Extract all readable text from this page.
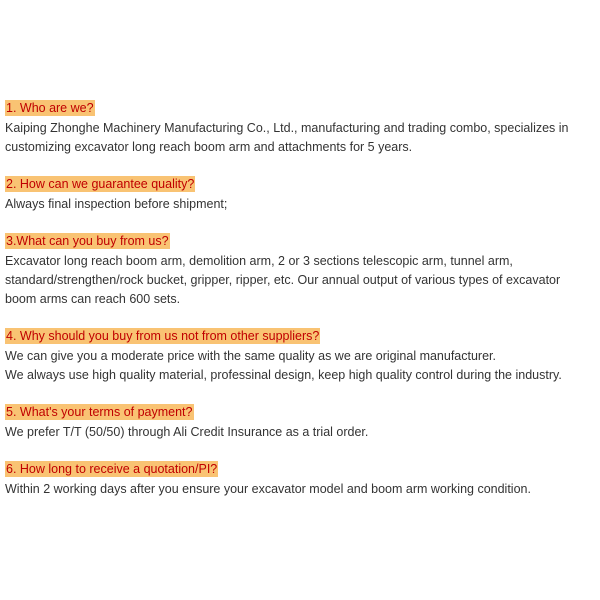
1. Who are we?

Kaiping Zhonghe Machinery Manufacturing Co., Ltd., manufacturing and trading combo, specializes in
customizing excavator long reach boom arm and attachments for 5 years.

2. How can we guarantee quality?

Always final inspection before shipment;

3.What can you buy from us?

Excavator long reach boom arm, demolition arm, 2 or 3 sections telescopic arm, tunnel arm,
standard/strengthen/rock bucket, gripper, ripper, etc. Our annual output of various types of excavator
boom arms can reach 600 sets.

4. Why should you buy from us not from other suppliers?

We can give you a moderate price with the same quality as we are original manufacturer.
We always use high quality material, professinal design, keep high quality control during the industry.

5. What's your terms of payment?

We prefer T/T (50/50) through Ali Credit Insurance as a trial order.

6. How long to receive a quotation/PI?

Within 2 working days after you ensure your excavator model and boom arm working condition.
